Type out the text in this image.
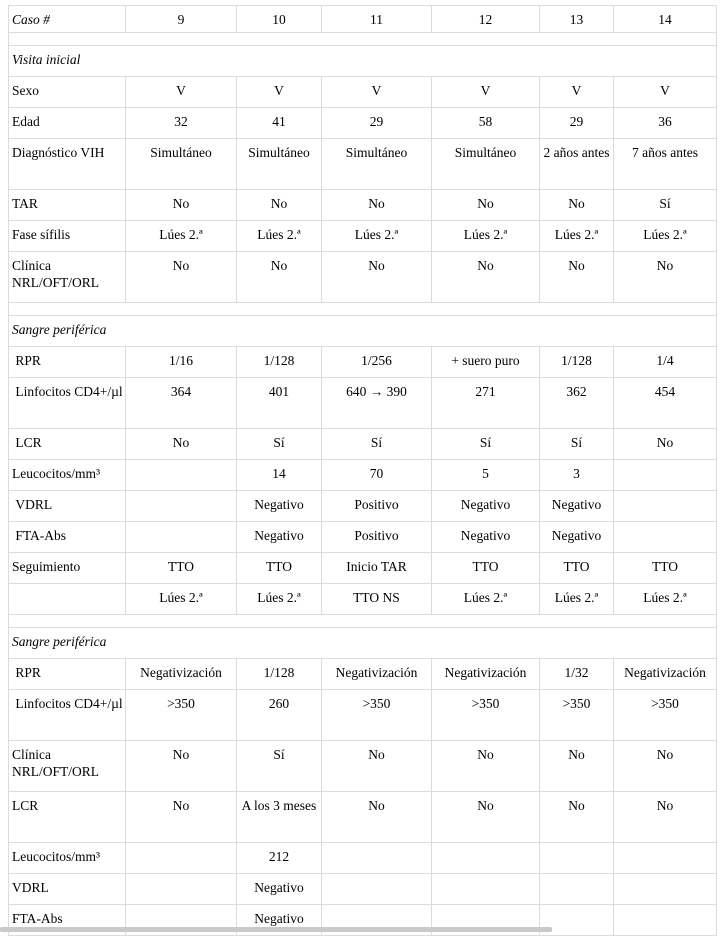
Caso #	9	10	11	12	13	14

Visita inicial						
Sexo	V	V	V	V	V	V
Edad	32	41	29	58	29	36
Diagnóstico VIH	Simultáneo	Simultáneo	Simultáneo	Simultáneo	2 años antes	7 años antes
TAR	No	No	No	No	No	Sí
Fase sífilis	Lúes 2.ª	Lúes 2.ª	Lúes 2.ª	Lúes 2.ª	Lúes 2.ª	Lúes 2.ª
Clínica NRL/OFT/ORL	No	No	No	No	No	No

Sangre periférica						
RPR	1/16	1/128	1/256	+ suero puro	1/128	1/4
Linfocitos CD4+/µl	364	401	640 → 390	271	362	454
LCR	No	Sí	Sí	Sí	Sí	No
Leucocitos/mm³		14	70	5	3	
VDRL		Negativo	Positivo	Negativo	Negativo	
FTA-Abs		Negativo	Positivo	Negativo	Negativo	
Seguimiento	TTO	TTO	Inicio TAR	TTO	TTO	TTO
	Lúes 2.ª	Lúes 2.ª	TTO NS	Lúes 2.ª	Lúes 2.ª	Lúes 2.ª

Sangre periférica						
RPR	Negativización	1/128	Negativización	Negativización	1/32	Negativización
Linfocitos CD4+/µl	>350	260	>350	>350	>350	>350
Clínica NRL/OFT/ORL	No	Sí	No	No	No	No
LCR	No	A los 3 meses	No	No	No	No
Leucocitos/mm³		212				
VDRL		Negativo				
FTA-Abs		Negativo				
